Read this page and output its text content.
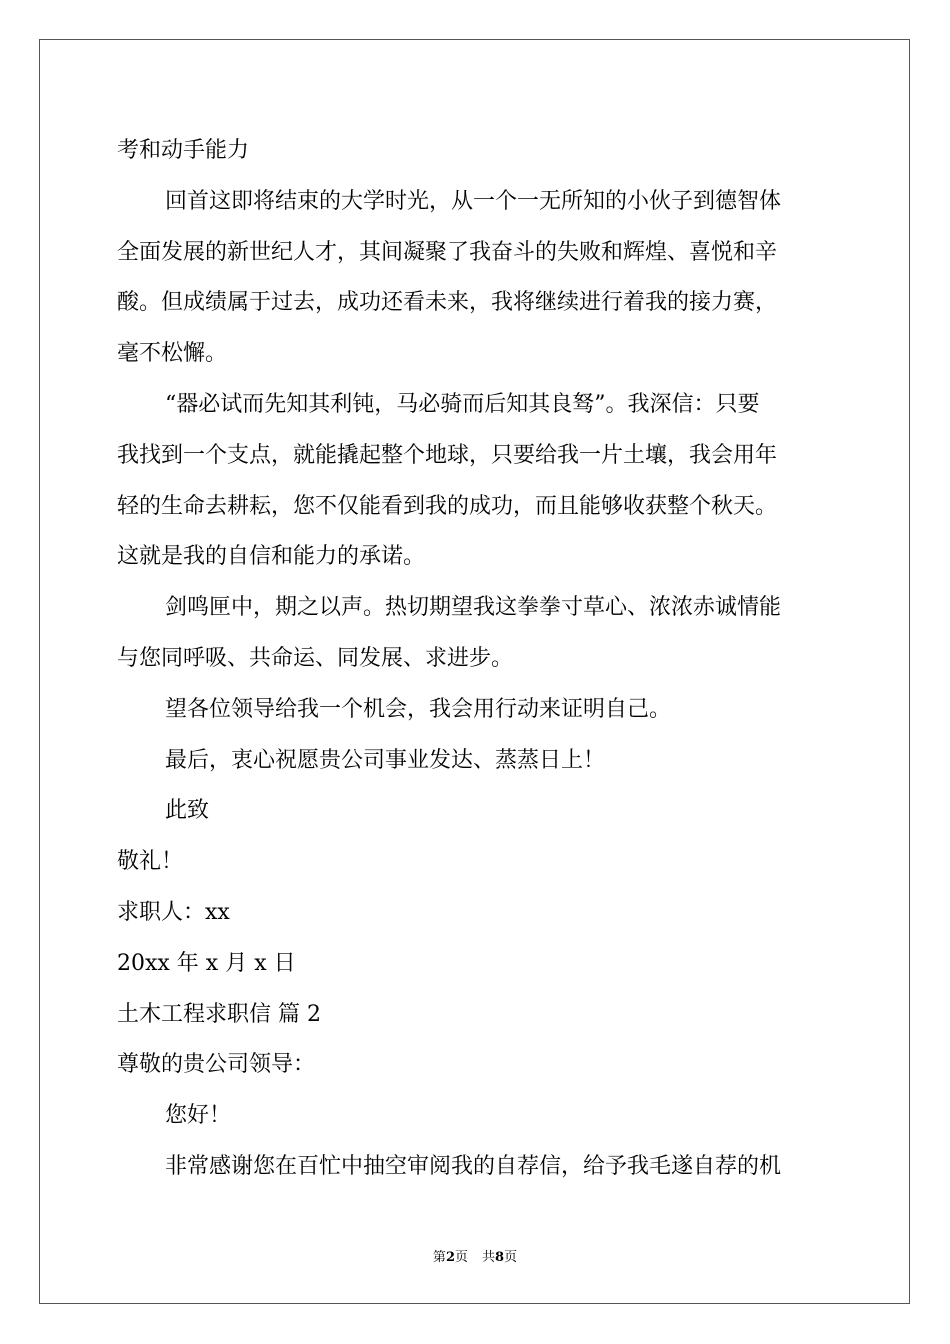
考和动手能力
回首这即将结束的大学时光，从一个一无所知的小伙子到德智体
全面发展的新世纪人才，其间凝聚了我奋斗的失败和辉煌、喜悦和辛
酸。但成绩属于过去，成功还看未来，我将继续进行着我的接力赛，
毫不松懈。
“器必试而先知其利钝，马必骑而后知其良驽”。我深信：只要
我找到一个支点，就能撬起整个地球，只要给我一片土壤，我会用年
轻的生命去耕耘，您不仅能看到我的成功，而且能够收获整个秋天。
这就是我的自信和能力的承诺。
剑鸣匣中，期之以声。热切期望我这拳拳寸草心、浓浓赤诚情能
与您同呼吸、共命运、同发展、求进步。
望各位领导给我一个机会，我会用行动来证明自己。
最后，衷心祝愿贵公司事业发达、蒸蒸日上！
此致
敬礼！
求职人：xx
20xx 年 x 月 x 日
土木工程求职信 篇 2
尊敬的贵公司领导：
您好！
非常感谢您在百忙中抽空审阅我的自荐信，给予我毛遂自荐的机
第2页 共8页
